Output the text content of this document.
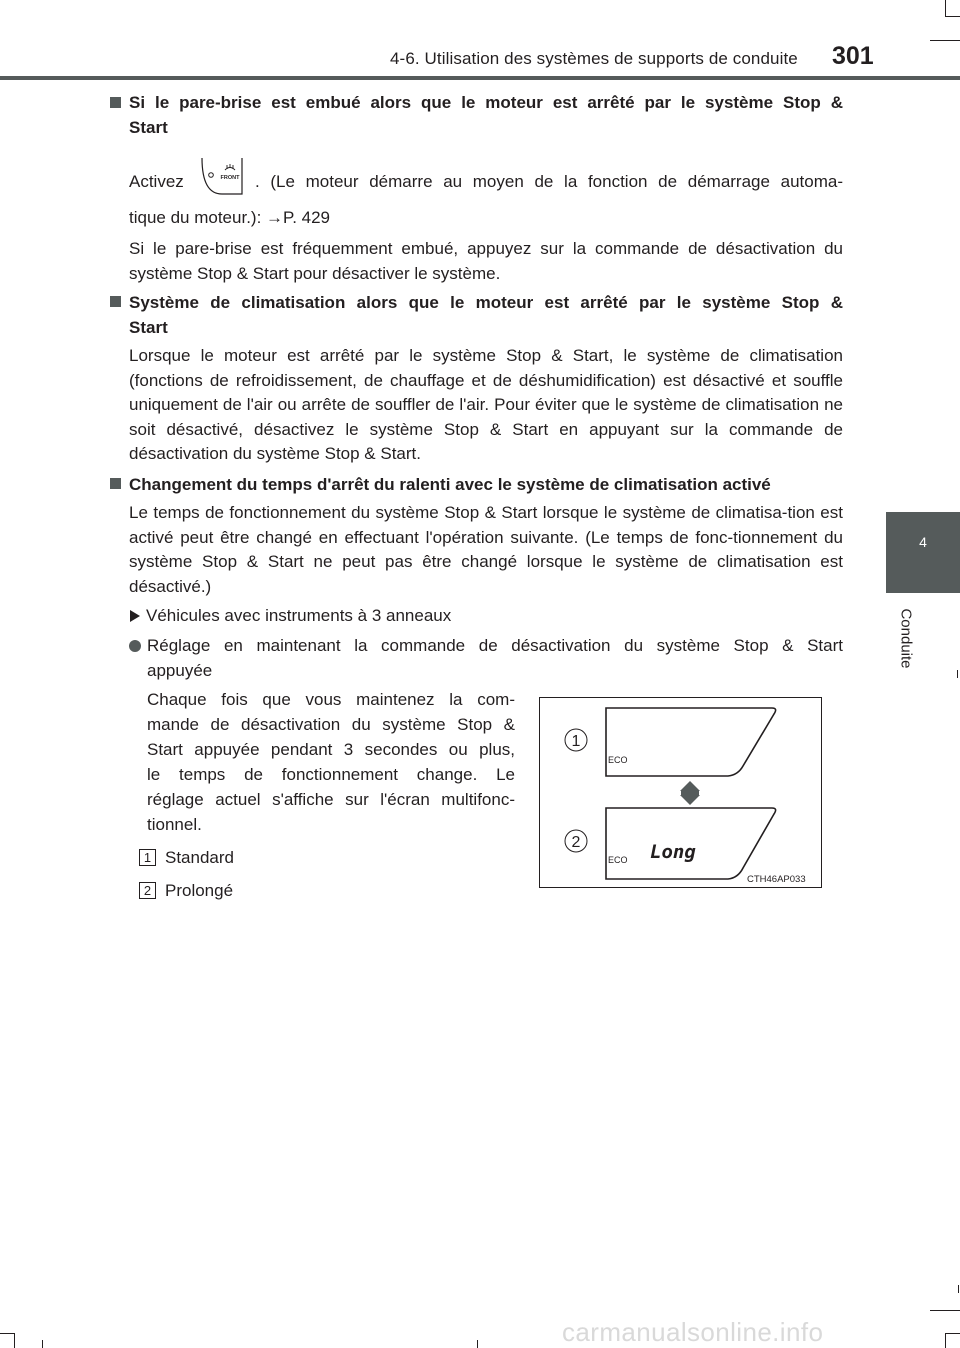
4-6. Utilisation des systèmes de supports de conduite 301
4
Conduite
Si le pare-brise est embué alors que le moteur est arrêté par le système Stop &
Start
Activez	FRONT . (Le moteur démarre au moyen de la fonction de démarrage automa-
tique du moteur.): →P. 429
Si le pare-brise est fréquemment embué, appuyez sur la commande de désactivation du système Stop & Start pour désactiver le système.
Système de climatisation alors que le moteur est arrêté par le système Stop &
Start
Lorsque le moteur est arrêté par le système Stop & Start, le système de climatisation (fonctions de refroidissement, de chauffage et de déshumidification) est désactivé et souffle uniquement de l'air ou arrête de souffler de l'air. Pour éviter que le système de climatisation ne soit désactivé, désactivez le système Stop & Start en appuyant sur la commande de désactivation du système Stop & Start.
Changement du temps d'arrêt du ralenti avec le système de climatisation activé
Le temps de fonctionnement du système Stop & Start lorsque le système de climatisa-tion est activé peut être changé en effectuant l'opération suivante. (Le temps de fonc-tionnement du système Stop & Start ne peut pas être changé lorsque le système de climatisation est désactivé.)
Véhicules avec instruments à 3 anneaux
Réglage en maintenant la commande de désactivation du système Stop & Start
appuyée
Chaque fois que vous maintenez la com-
mande de désactivation du système Stop &
Start appuyée pendant 3 secondes ou plus,
le temps de fonctionnement change. Le
réglage actuel s'affiche sur l'écran multifonc-
tionnel.
1 Standard
2 Prolongé
1
ECO
2
ECO Long
CTH46AP033
carmanualsonline.info
